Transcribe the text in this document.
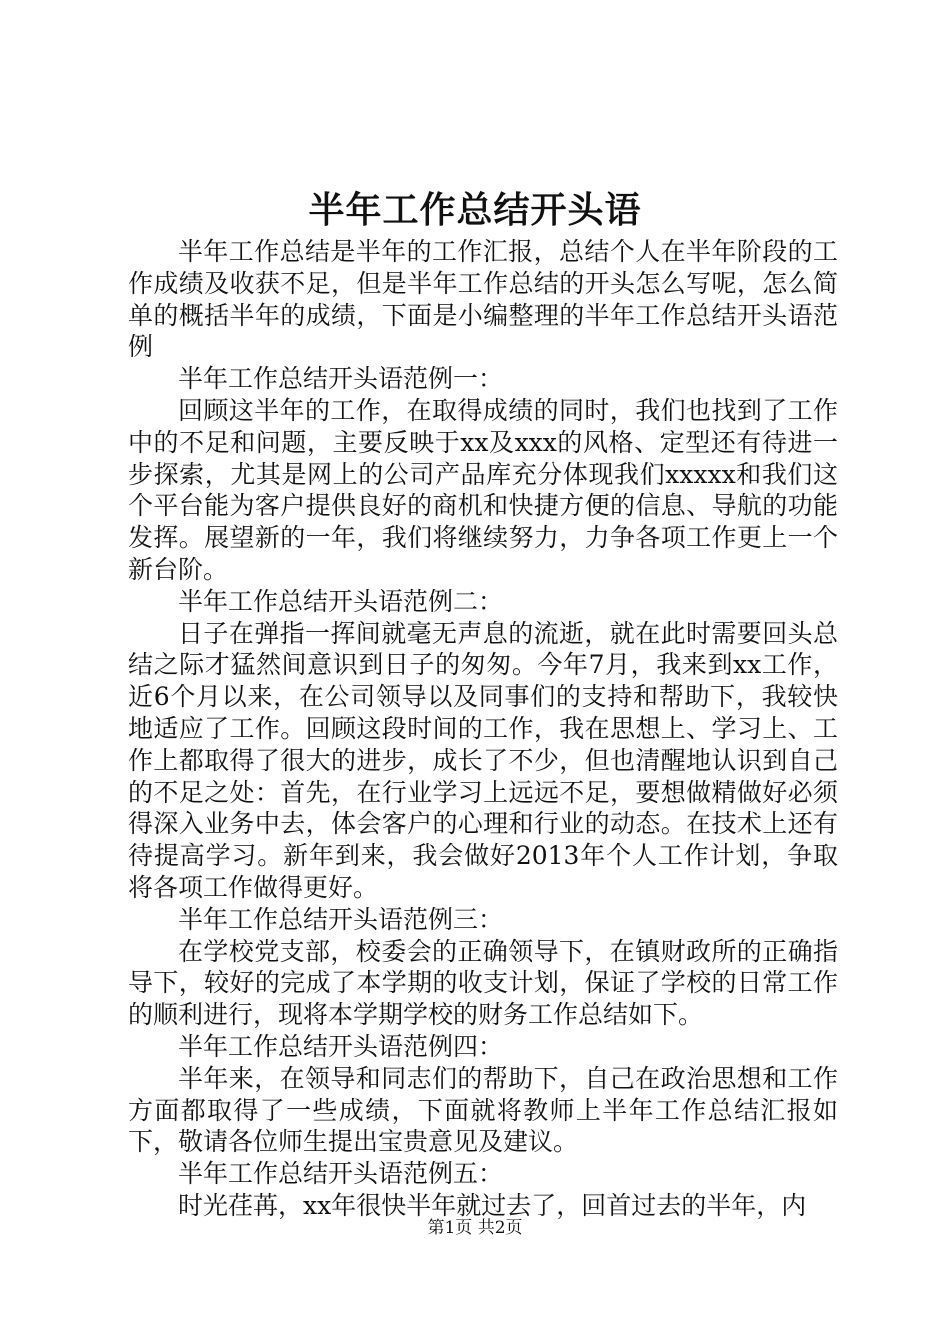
半年工作总结开头语

半年工作总结是半年的工作汇报，总结个人在半年阶段的工作成绩及收获不足，但是半年工作总结的开头怎么写呢，怎么简单的概括半年的成绩，下面是小编整理的半年工作总结开头语范例

半年工作总结开头语范例一：

回顾这半年的工作，在取得成绩的同时，我们也找到了工作中的不足和问题，主要反映于xx及xxx的风格、定型还有待进一步探索，尤其是网上的公司产品库充分体现我们xxxxx和我们这个平台能为客户提供良好的商机和快捷方便的信息、导航的功能发挥。展望新的一年，我们将继续努力，力争各项工作更上一个新台阶。

半年工作总结开头语范例二：

日子在弹指一挥间就毫无声息的流逝，就在此时需要回头总结之际才猛然间意识到日子的匆匆。今年7月，我来到xx工作，近6个月以来，在公司领导以及同事们的支持和帮助下，我较快地适应了工作。回顾这段时间的工作，我在思想上、学习上、工作上都取得了很大的进步，成长了不少，但也清醒地认识到自己的不足之处：首先，在行业学习上远远不足，要想做精做好必须得深入业务中去，体会客户的心理和行业的动态。在技术上还有待提高学习。新年到来，我会做好2013年个人工作计划，争取将各项工作做得更好。

半年工作总结开头语范例三：

在学校党支部，校委会的正确领导下，在镇财政所的正确指导下，较好的完成了本学期的收支计划，保证了学校的日常工作的顺利进行，现将本学期学校的财务工作总结如下。

半年工作总结开头语范例四：

半年来，在领导和同志们的帮助下，自己在政治思想和工作方面都取得了一些成绩，下面就将教师上半年工作总结汇报如下，敬请各位师生提出宝贵意见及建议。

半年工作总结开头语范例五：

时光荏苒，xx年很快半年就过去了，回首过去的半年，内

第1页 共2页
